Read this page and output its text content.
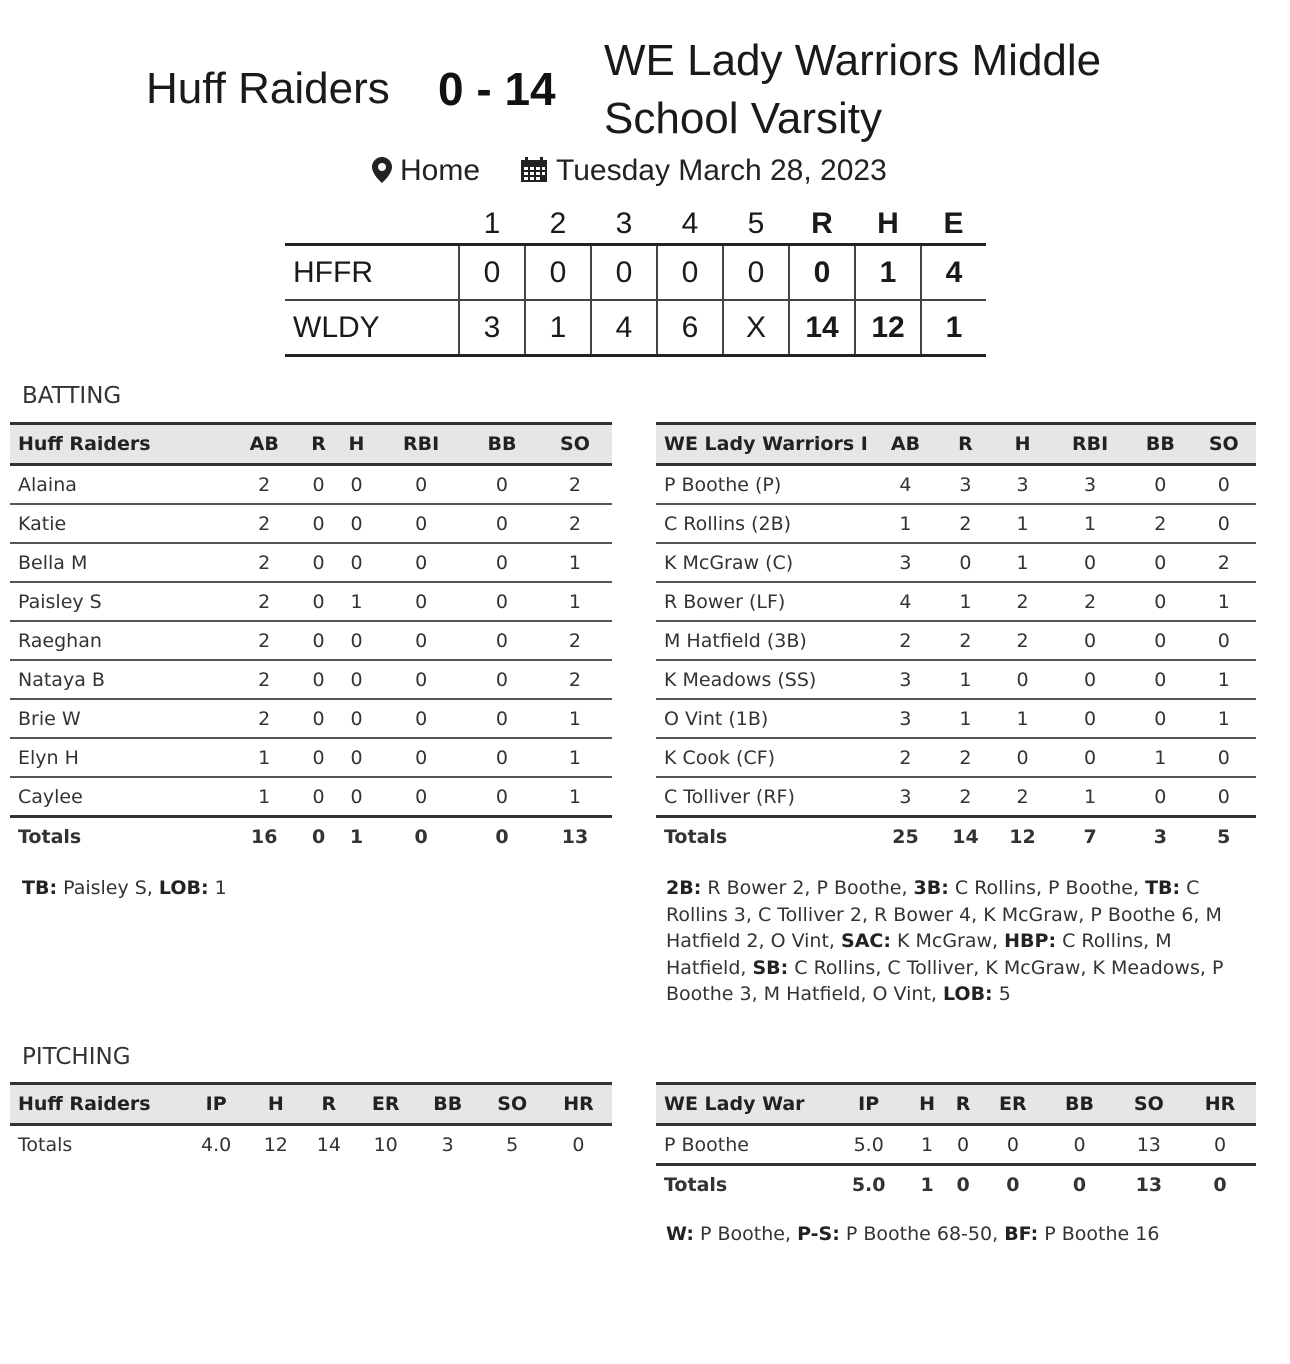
Huff Raiders 0 - 14
WE Lady Warriors Middle School Varsity
Home	Tuesday March 28, 2023
	1	2	3	4	5	R	H	E
HFFR	0	0	0	0	0	0	1	4
WLDY	3	1	4	6	X	14	12	1
BATTING
Huff Raiders	AB	R	H	RBI	BB	SO
Alaina	2	0	0	0	0	2
Katie	2	0	0	0	0	2
Bella M	2	0	0	0	0	1
Paisley S	2	0	1	0	0	1
Raeghan	2	0	0	0	0	2
Nataya B	2	0	0	0	0	2
Brie W	2	0	0	0	0	1
Elyn H	1	0	0	0	0	1
Caylee	1	0	0	0	0	1
Totals	16	0	1	0	0	13
WE Lady Warriors I	AB	R	H	RBI	BB	SO
P Boothe (P)	4	3	3	3	0	0
C Rollins (2B)	1	2	1	1	2	0
K McGraw (C)	3	0	1	0	0	2
R Bower (LF)	4	1	2	2	0	1
M Hatfield (3B)	2	2	2	0	0	0
K Meadows (SS)	3	1	0	0	0	1
O Vint (1B)	3	1	1	0	0	1
K Cook (CF)	2	2	0	0	1	0
C Tolliver (RF)	3	2	2	1	0	0
Totals	25	14	12	7	3	5
TB: Paisley S, LOB: 1	2B: R Bower 2, P Boothe, 3B: C Rollins, P Boothe, TB: C Rollins 3, C Tolliver 2, R Bower 4, K McGraw, P Boothe 6, M Hatfield 2, O Vint, SAC: K McGraw, HBP: C Rollins, M Hatfield, SB: C Rollins, C Tolliver, K McGraw, K Meadows, P Boothe 3, M Hatfield, O Vint, LOB: 5
PITCHING
Huff Raiders	IP	H	R	ER	BB	SO	HR
Totals	4.0	12	14	10	3	5	0
WE Lady War	IP	H	R	ER	BB	SO	HR
P Boothe	5.0	1	0	0	0	13	0
Totals	5.0	1	0	0	0	13	0
W: P Boothe, P-S: P Boothe 68-50, BF: P Boothe 16
